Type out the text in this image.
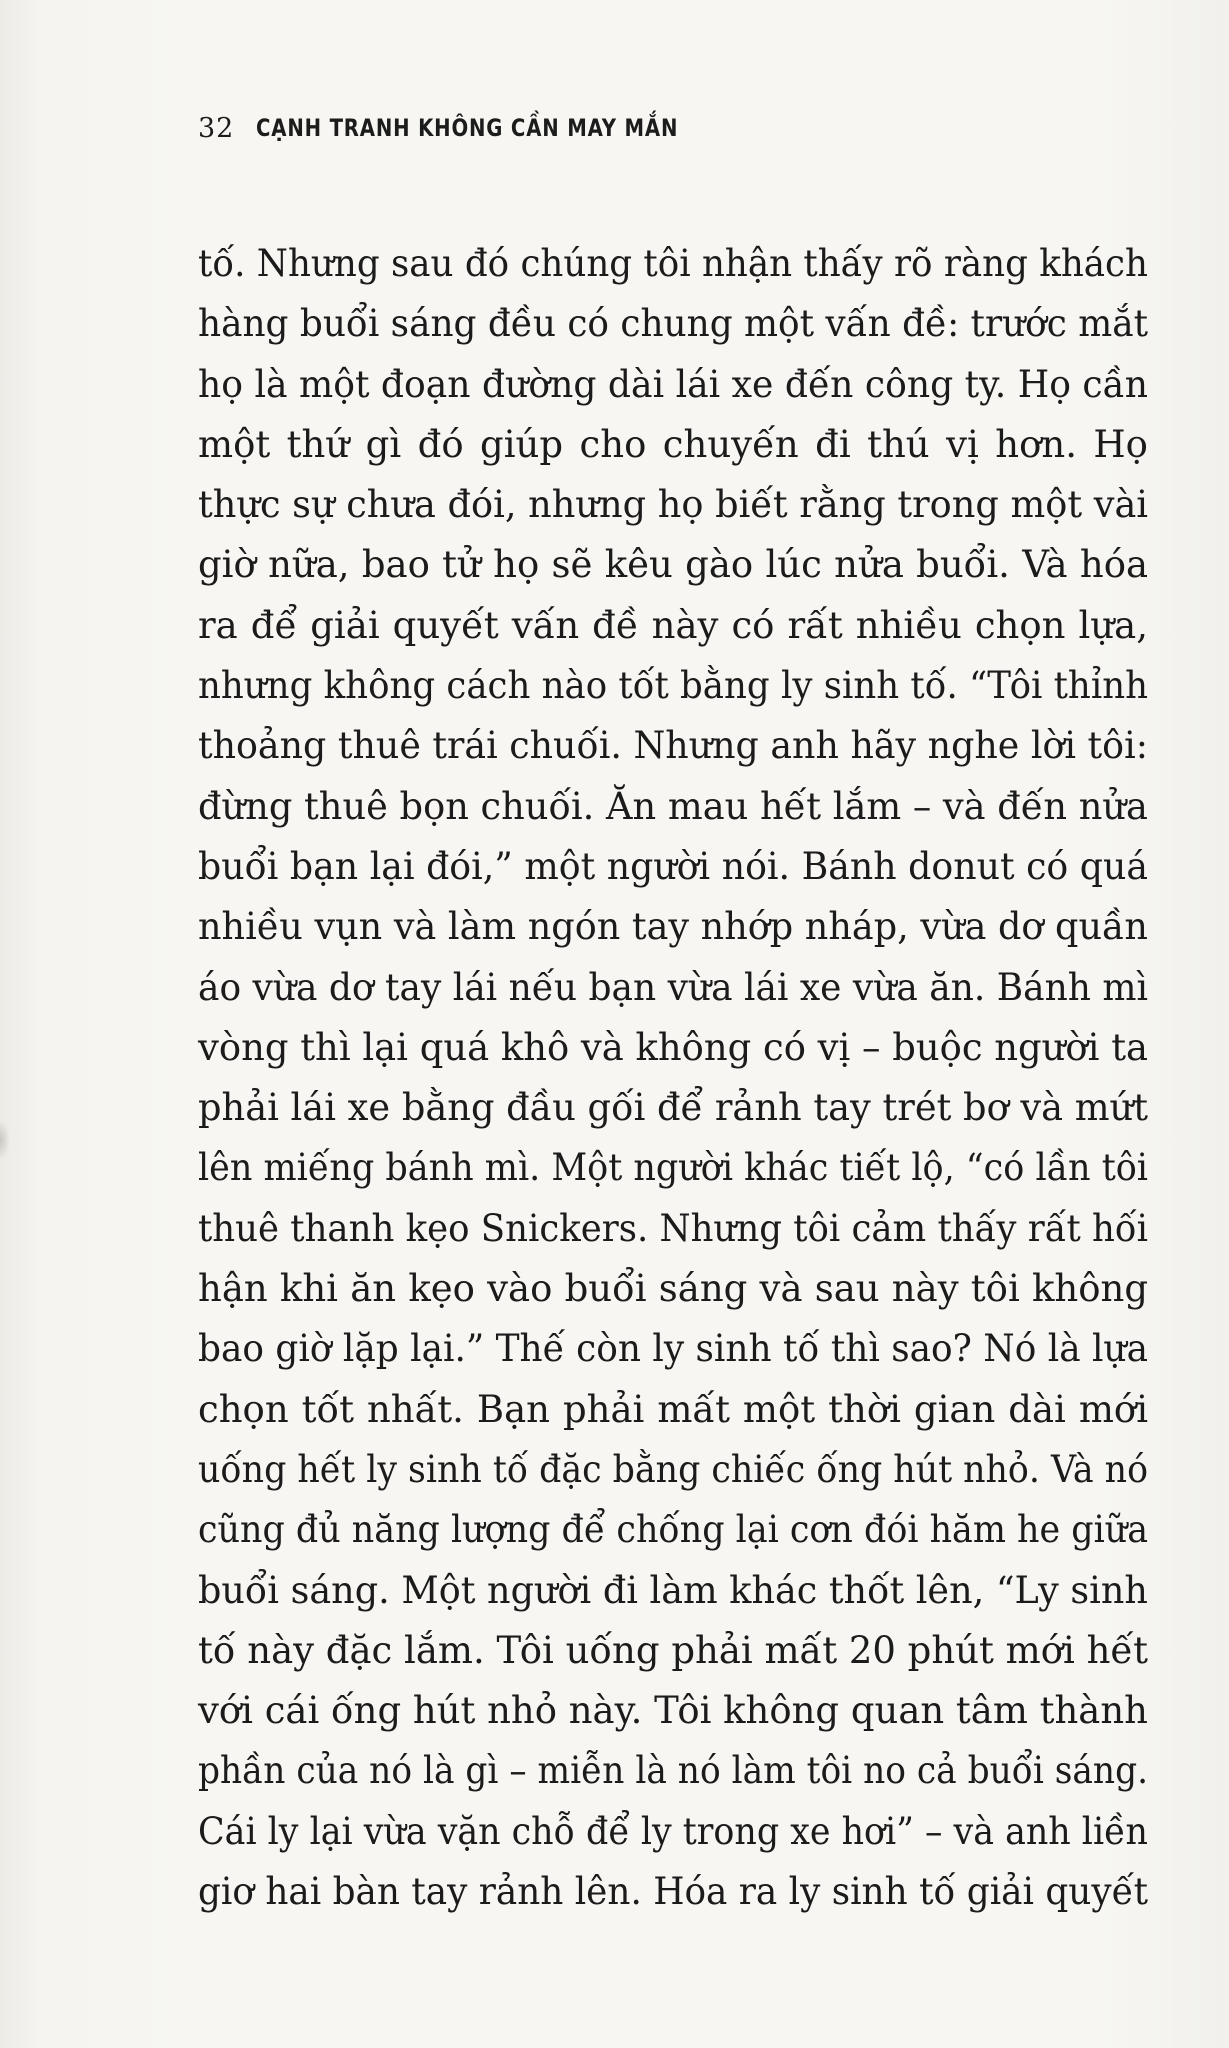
32 CẠNH TRANH KHÔNG CẦN MAY MẮN
tố. Nhưng sau đó chúng tôi nhận thấy rõ ràng khách
hàng buổi sáng đều có chung một vấn đề: trước mắt
họ là một đoạn đường dài lái xe đến công ty. Họ cần
một thứ gì đó giúp cho chuyến đi thú vị hơn. Họ
thực sự chưa đói, nhưng họ biết rằng trong một vài
giờ nữa, bao tử họ sẽ kêu gào lúc nửa buổi. Và hóa
ra để giải quyết vấn đề này có rất nhiều chọn lựa,
nhưng không cách nào tốt bằng ly sinh tố. “Tôi thỉnh
thoảng thuê trái chuối. Nhưng anh hãy nghe lời tôi:
đừng thuê bọn chuối. Ăn mau hết lắm – và đến nửa
buổi bạn lại đói,” một người nói. Bánh donut có quá
nhiều vụn và làm ngón tay nhớp nháp, vừa dơ quần
áo vừa dơ tay lái nếu bạn vừa lái xe vừa ăn. Bánh mì
vòng thì lại quá khô và không có vị – buộc người ta
phải lái xe bằng đầu gối để rảnh tay trét bơ và mứt
lên miếng bánh mì. Một người khác tiết lộ, “có lần tôi
thuê thanh kẹo Snickers. Nhưng tôi cảm thấy rất hối
hận khi ăn kẹo vào buổi sáng và sau này tôi không
bao giờ lặp lại.” Thế còn ly sinh tố thì sao? Nó là lựa
chọn tốt nhất. Bạn phải mất một thời gian dài mới
uống hết ly sinh tố đặc bằng chiếc ống hút nhỏ. Và nó
cũng đủ năng lượng để chống lại cơn đói hăm he giữa
buổi sáng. Một người đi làm khác thốt lên, “Ly sinh
tố này đặc lắm. Tôi uống phải mất 20 phút mới hết
với cái ống hút nhỏ này. Tôi không quan tâm thành
phần của nó là gì – miễn là nó làm tôi no cả buổi sáng.
Cái ly lại vừa vặn chỗ để ly trong xe hơi” – và anh liền
giơ hai bàn tay rảnh lên. Hóa ra ly sinh tố giải quyết
